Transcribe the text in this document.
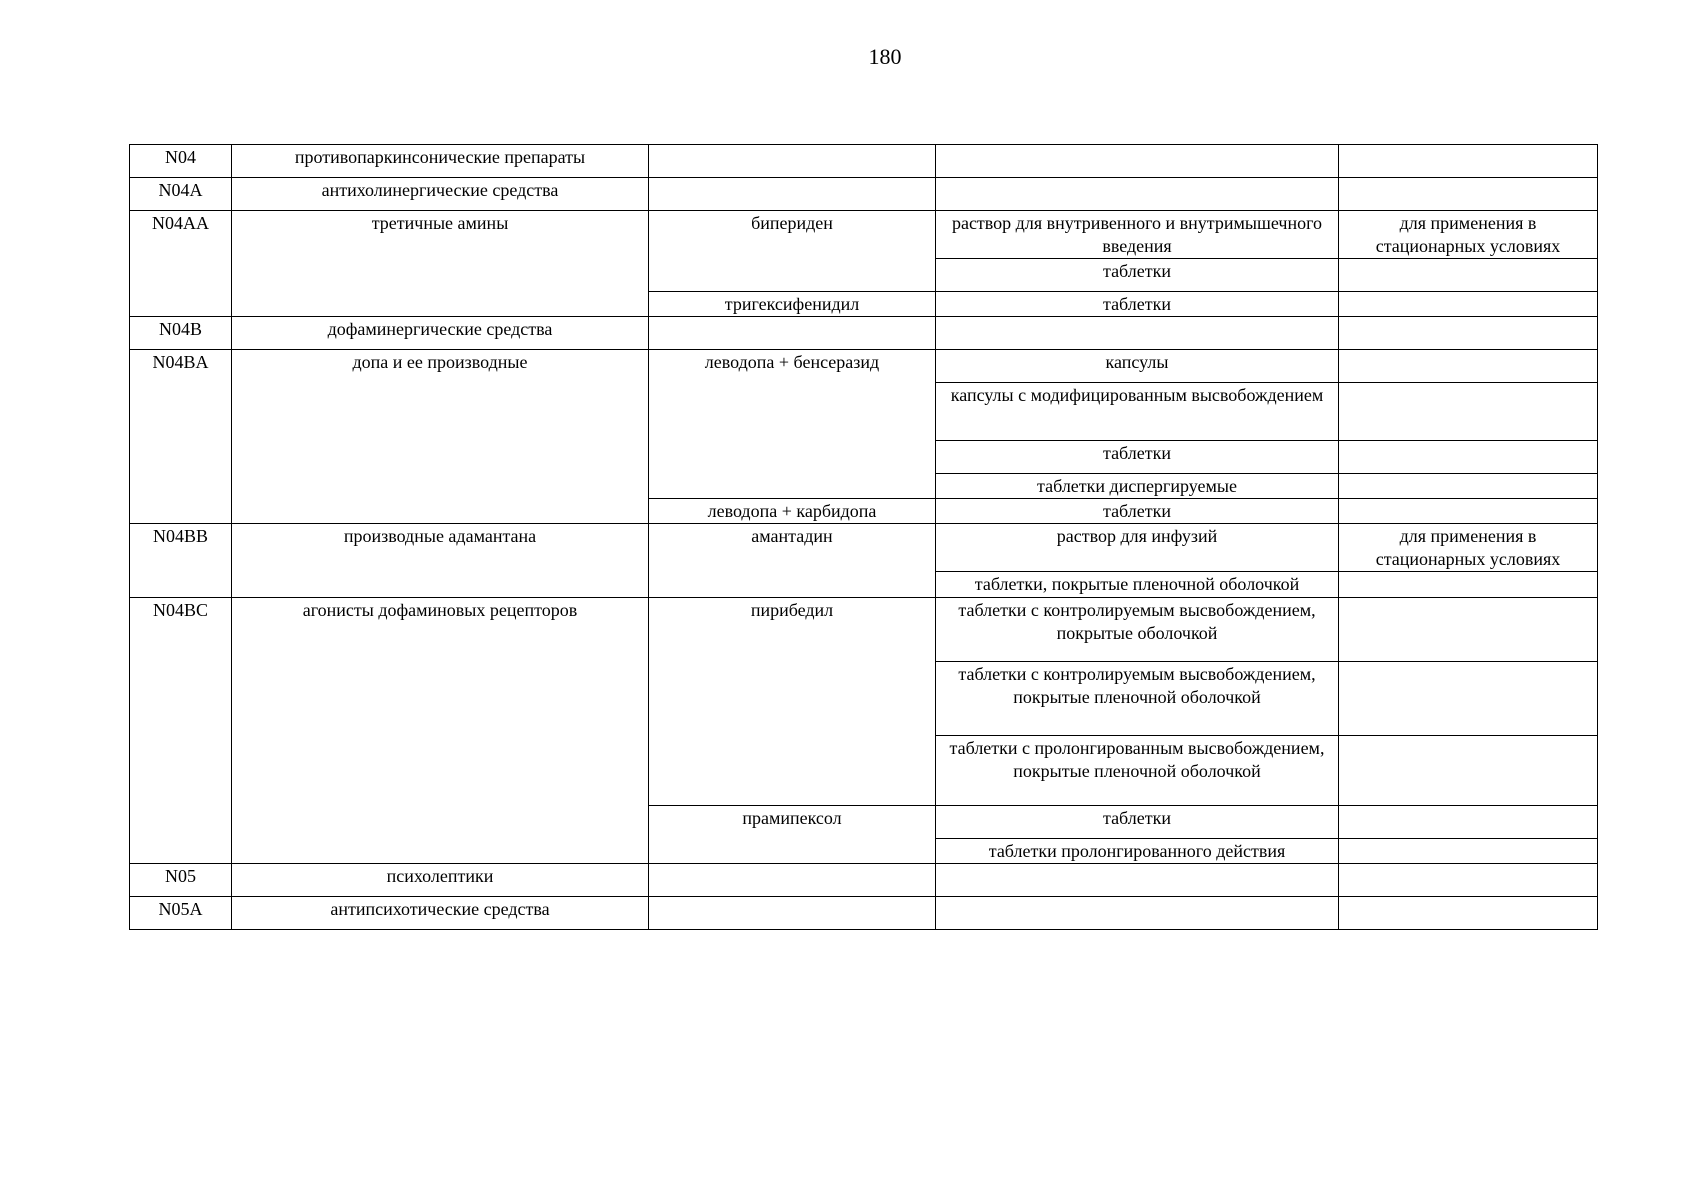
180
N04	противопаркинсонические препараты			
N04A	антихолинергические средства			
N04AA	третичные амины	бипериден	раствор для внутривенного и внутримышечного введения	для применения в стационарных условиях
			таблетки	
		тригексифенидил	таблетки	
N04B	дофаминергические средства			
N04BA	допа и ее производные	леводопа + бенсеразид	капсулы	
			капсулы с модифицированным высвобождением	
			таблетки	
			таблетки диспергируемые	
		леводопа + карбидопа	таблетки	
N04BB	производные адамантана	амантадин	раствор для инфузий	для применения в стационарных условиях
			таблетки, покрытые пленочной оболочкой	
N04BC	агонисты дофаминовых рецепторов	пирибедил	таблетки с контролируемым высвобождением, покрытые оболочкой	
			таблетки с контролируемым высвобождением, покрытые пленочной оболочкой	
			таблетки с пролонгированным высвобождением, покрытые пленочной оболочкой	
		прамипексол	таблетки	
			таблетки пролонгированного действия	
N05	психолептики			
N05A	антипсихотические средства			
